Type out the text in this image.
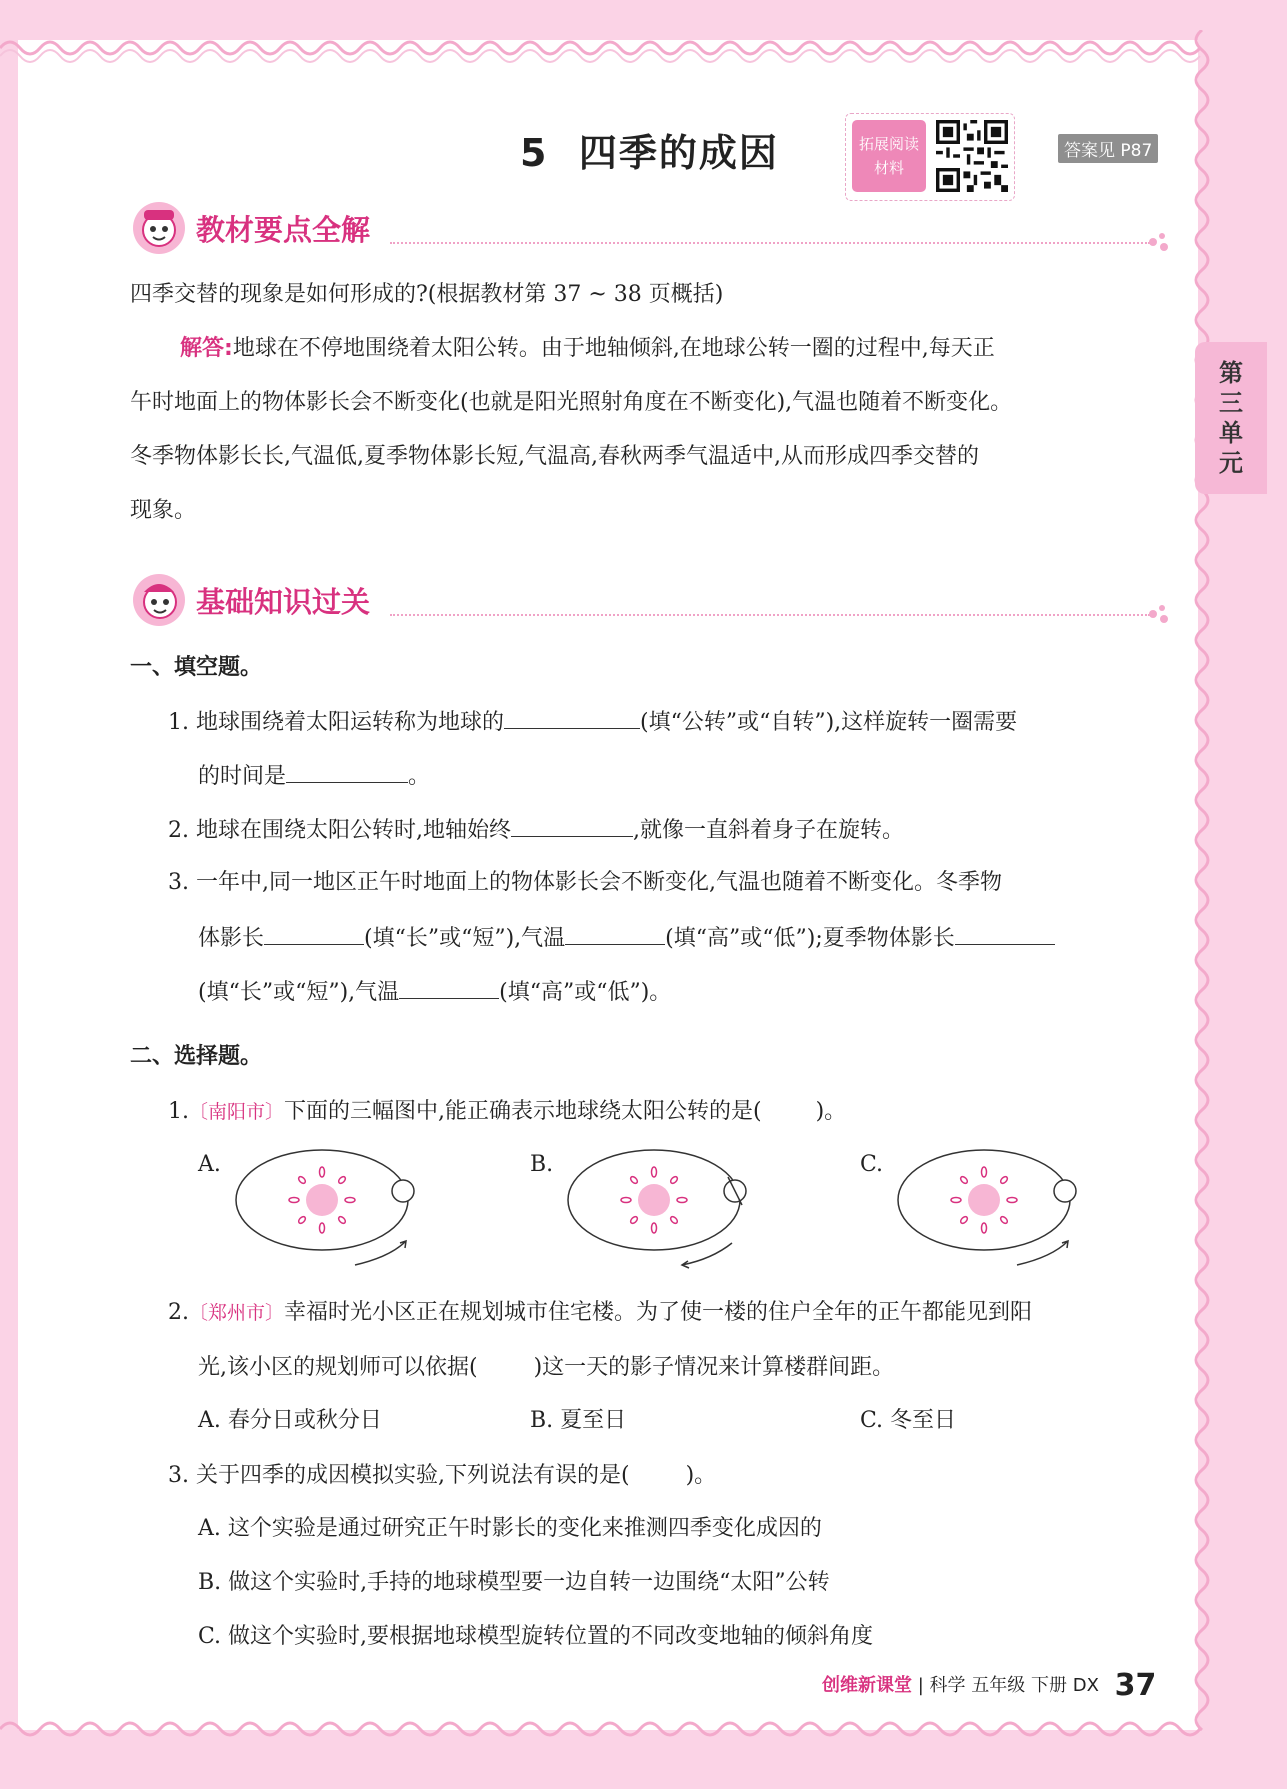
5 四季的成因	拓展阅读
材料
答案见 P87
第三单元
教材要点全解
四季交替的现象是如何形成的?(根据教材第 37 ~ 38 页概括)
解答:地球在不停地围绕着太阳公转。由于地轴倾斜,在地球公转一圈的过程中,每天正
午时地面上的物体影长会不断变化(也就是阳光照射角度在不断变化),气温也随着不断变化。
冬季物体影长长,气温低,夏季物体影长短,气温高,春秋两季气温适中,从而形成四季交替的
现象。
基础知识过关
一、填空题。
1. 地球围绕着太阳运转称为地球的	(填“公转”或“自转”),这样旋转一圈需要
的时间是	。
2. 地球在围绕太阳公转时,地轴始终	,就像一直斜着身子在旋转。
3. 一年中,同一地区正午时地面上的物体影长会不断变化,气温也随着不断变化。冬季物
体影长	(填“长”或“短”),气温	(填“高”或“低”);夏季物体影长
(填“长”或“短”),气温	(填“高”或“低”)。
二、选择题。
1.〔南阳市〕下面的三幅图中,能正确表示地球绕太阳公转的是( )。
A.	B.	C.
2.〔郑州市〕幸福时光小区正在规划城市住宅楼。为了使一楼的住户全年的正午都能见到阳
光,该小区的规划师可以依据(	)这一天的影子情况来计算楼群间距。
A. 春分日或秋分日	B. 夏至日	C. 冬至日
3. 关于四季的成因模拟实验,下列说法有误的是(	)。
A. 这个实验是通过研究正午时影长的变化来推测四季变化成因的
B. 做这个实验时,手持的地球模型要一边自转一边围绕“太阳”公转
C. 做这个实验时,要根据地球模型旋转位置的不同改变地轴的倾斜角度
创维新课堂 | 科学 五年级 下册 DX 37
